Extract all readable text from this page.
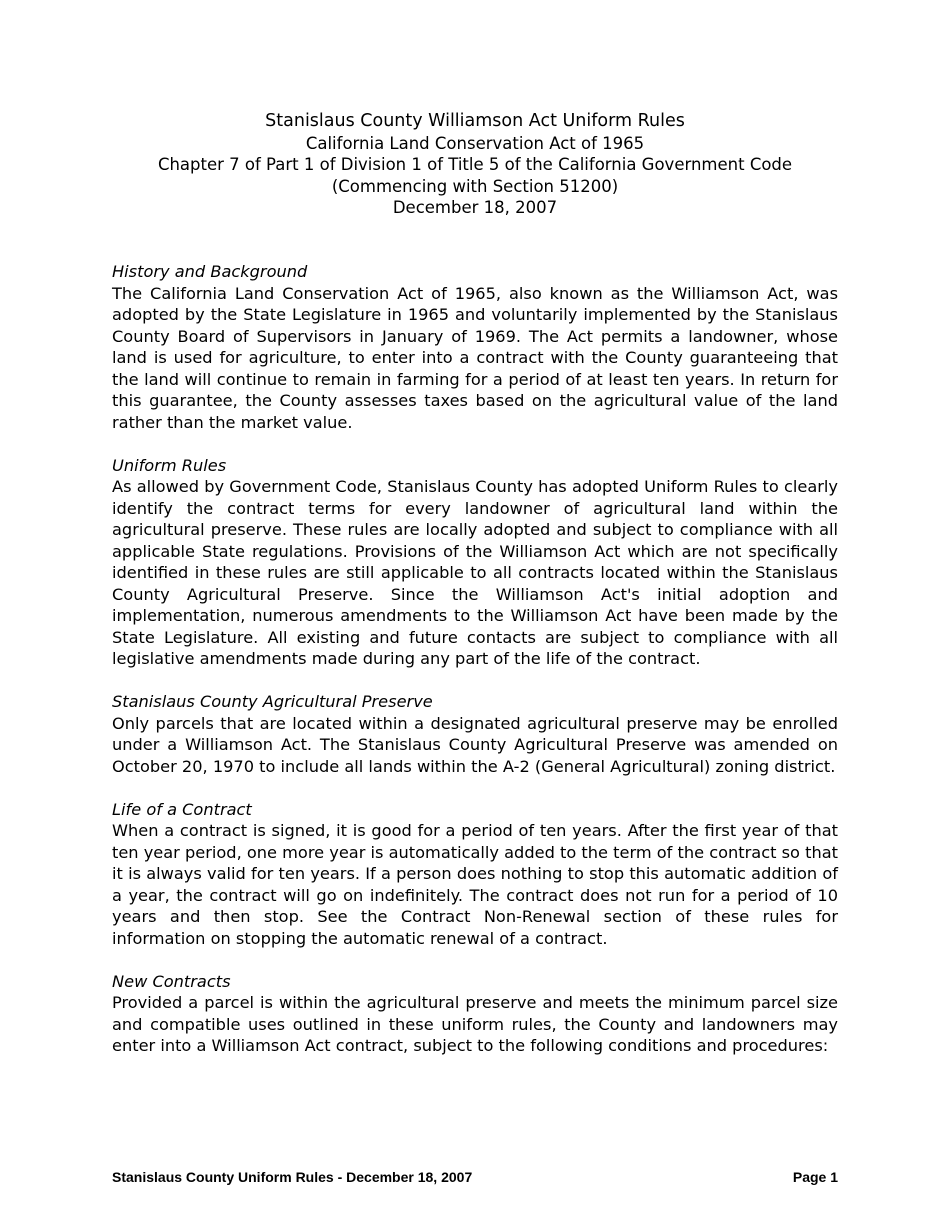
Stanislaus County Williamson Act Uniform Rules
California Land Conservation Act of 1965
Chapter 7 of Part 1 of Division 1 of Title 5 of the California Government Code
(Commencing with Section 51200)
December 18, 2007
History and Background

The California Land Conservation Act of 1965, also known as the Williamson Act, was adopted by the State Legislature in 1965 and voluntarily implemented by the Stanislaus County Board of Supervisors in January of 1969. The Act permits a landowner, whose land is used for agriculture, to enter into a contract with the County guaranteeing that the land will continue to remain in farming for a period of at least ten years. In return for this guarantee, the County assesses taxes based on the agricultural value of the land rather than the market value.

Uniform Rules

As allowed by Government Code, Stanislaus County has adopted Uniform Rules to clearly identify the contract terms for every landowner of agricultural land within the agricultural preserve. These rules are locally adopted and subject to compliance with all applicable State regulations. Provisions of the Williamson Act which are not specifically identified in these rules are still applicable to all contracts located within the Stanislaus County Agricultural Preserve. Since the Williamson Act's initial adoption and implementation, numerous amendments to the Williamson Act have been made by the State Legislature. All existing and future contacts are subject to compliance with all legislative amendments made during any part of the life of the contract.

Stanislaus County Agricultural Preserve

Only parcels that are located within a designated agricultural preserve may be enrolled under a Williamson Act. The Stanislaus County Agricultural Preserve was amended on October 20, 1970 to include all lands within the A-2 (General Agricultural) zoning district.

Life of a Contract

When a contract is signed, it is good for a period of ten years. After the first year of that ten year period, one more year is automatically added to the term of the contract so that it is always valid for ten years. If a person does nothing to stop this automatic addition of a year, the contract will go on indefinitely. The contract does not run for a period of 10 years and then stop. See the Contract Non-Renewal section of these rules for information on stopping the automatic renewal of a contract.

New Contracts

Provided a parcel is within the agricultural preserve and meets the minimum parcel size and compatible uses outlined in these uniform rules, the County and landowners may enter into a Williamson Act contract, subject to the following conditions and procedures:

Stanislaus County Uniform Rules - December 18, 2007	Page 1
